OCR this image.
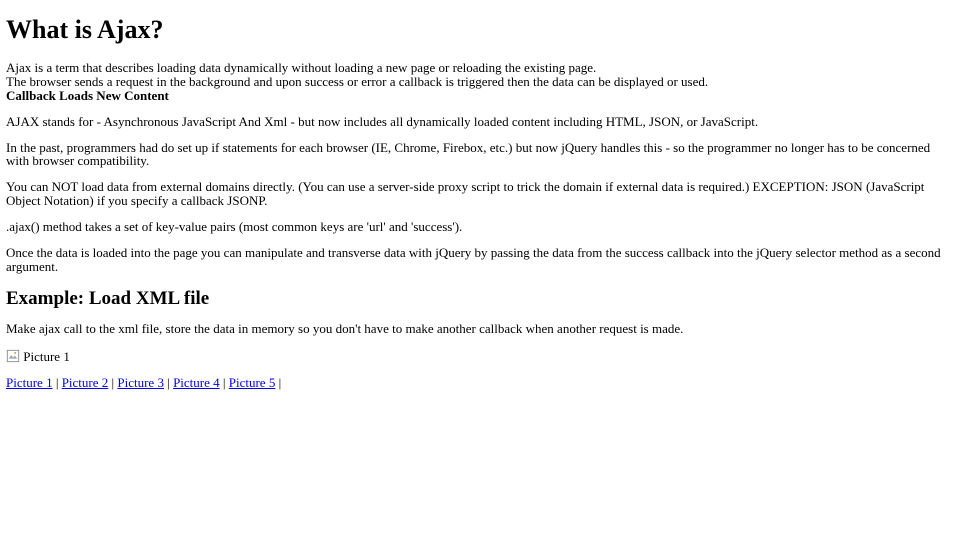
What is Ajax?
Ajax is a term that describes loading data dynamically without loading a new page or reloading the existing page.
The browser sends a request in the background and upon success or error a callback is triggered then the data can be displayed or used.
Callback Loads New Content

AJAX stands for - Asynchronous JavaScript And Xml - but now includes all dynamically loaded content including HTML, JSON, or JavaScript.

In the past, programmers had do set up if statements for each browser (IE, Chrome, Firebox, etc.) but now jQuery handles this - so the programmer no longer has to be concerned with browser compatibility.

You can NOT load data from external domains directly. (You can use a server-side proxy script to trick the domain if external data is required.) EXCEPTION: JSON (JavaScript Object Notation) if you specify a callback JSONP.

.ajax() method takes a set of key-value pairs (most common keys are 'url' and 'success').

Once the data is loaded into the page you can manipulate and transverse data with jQuery by passing the data from the success callback into the jQuery selector method as a second argument.

Example: Load XML file

Make ajax call to the xml file, store the data in memory so you don't have to make another callback when another request is made.

Picture 1
Picture 1 | Picture 2 | Picture 3 | Picture 4 | Picture 5 |
